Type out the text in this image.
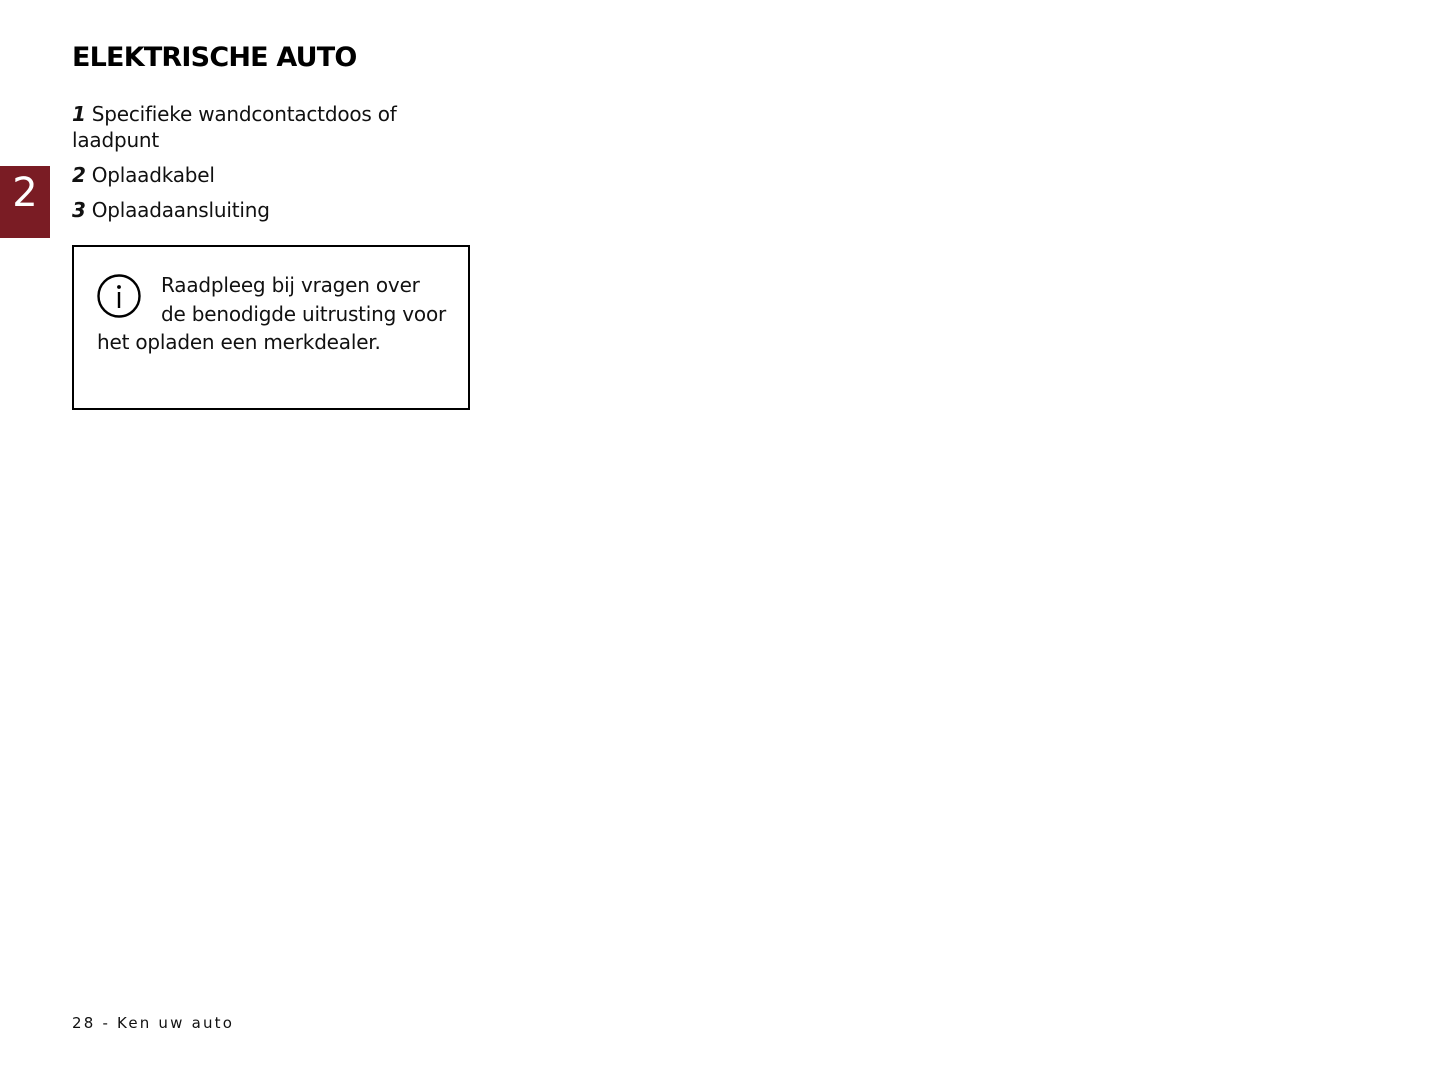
2
ELEKTRISCHE AUTO
1 Specifieke wandcontactdoos of laadpunt
2 Oplaadkabel
3 Oplaadaansluiting

Raadpleeg bij vragen over de benodigde uitrusting voor het opladen een merkdealer.

28 - Ken uw auto
